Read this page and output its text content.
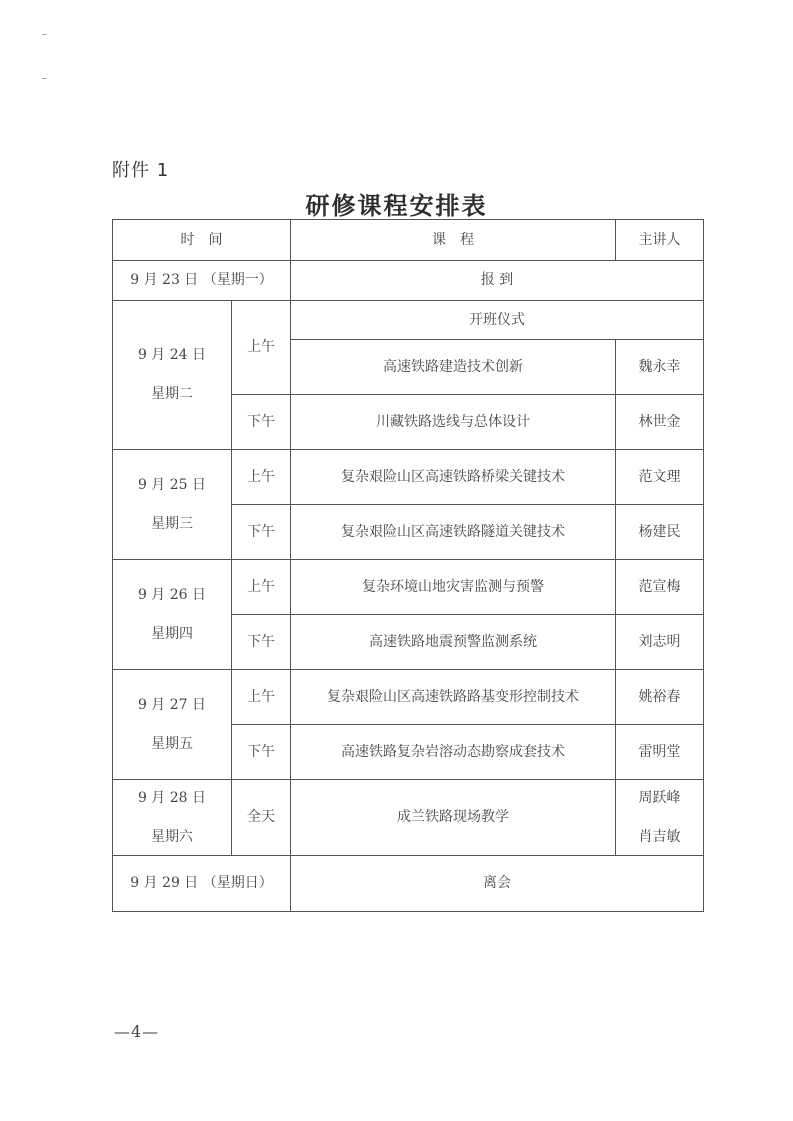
附件 1
研修课程安排表
时　间		课　程	主讲人
9 月 23 日 （星期一）		报 到	

9 月 24 日
星期二	上午	开班仪式	
		高速铁路建造技术创新	魏永幸
	下午	川藏铁路选线与总体设计	林世金

9 月 25 日
星期三	上午	复杂艰险山区高速铁路桥梁关键技术	范文理
	下午	复杂艰险山区高速铁路隧道关键技术	杨建民

9 月 26 日
星期四	上午	复杂环境山地灾害监测与预警	范宣梅
	下午	高速铁路地震预警监测系统	刘志明

9 月 27 日
星期五	上午	复杂艰险山区高速铁路路基变形控制技术	姚裕春
	下午	高速铁路复杂岩溶动态勘察成套技术	雷明堂

9 月 28 日
星期六	全天	成兰铁路现场教学	周跃峰
肖吉敏

9 月 29 日 （星期日）		离会	
—4—
